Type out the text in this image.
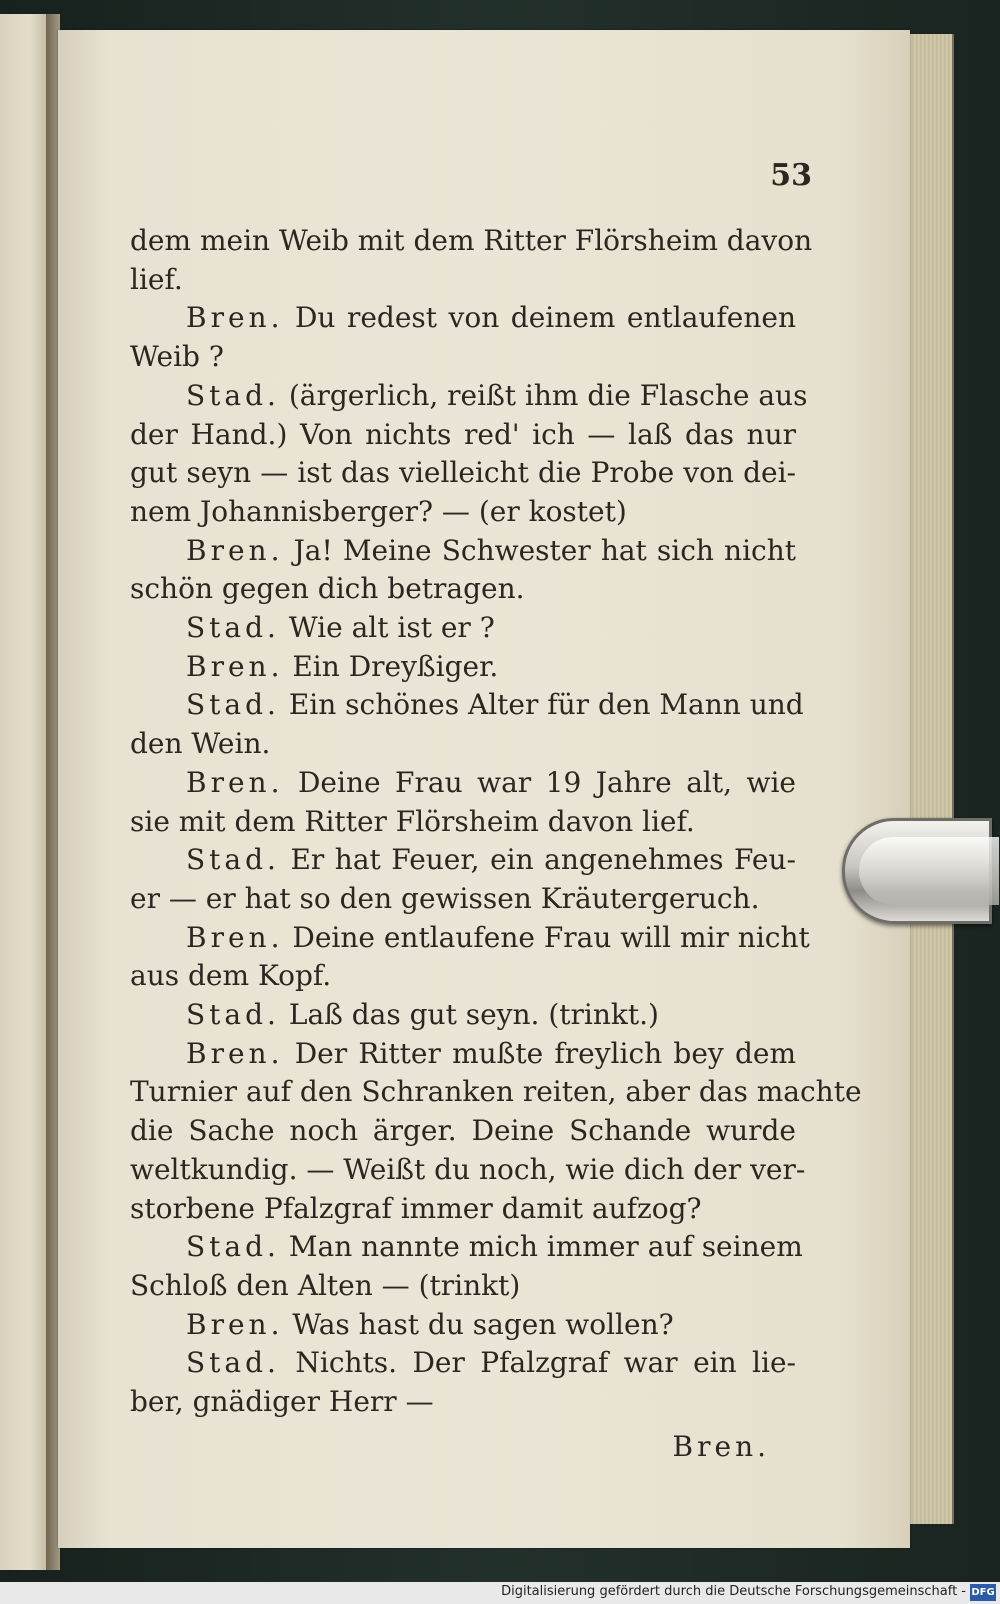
53
dem mein Weib mit dem Ritter Flörsheim davon
lief.
Bren. Du redest von deinem entlaufenen
Weib ?
Stad. (ärgerlich, reißt ihm die Flasche aus
der Hand.) Von nichts red' ich — laß das nur
gut seyn — ist das vielleicht die Probe von dei-
nem Johannisberger? — (er kostet)
Bren. Ja! Meine Schwester hat sich nicht
schön gegen dich betragen.
Stad. Wie alt ist er ?
Bren. Ein Dreyßiger.
Stad. Ein schönes Alter für den Mann und
den Wein.
Bren. Deine Frau war 19 Jahre alt, wie
sie mit dem Ritter Flörsheim davon lief.
Stad. Er hat Feuer, ein angenehmes Feu-
er — er hat so den gewissen Kräutergeruch.
Bren. Deine entlaufene Frau will mir nicht
aus dem Kopf.
Stad. Laß das gut seyn. (trinkt.)
Bren. Der Ritter mußte freylich bey dem
Turnier auf den Schranken reiten, aber das machte
die Sache noch ärger. Deine Schande wurde
weltkundig. — Weißt du noch, wie dich der ver-
storbene Pfalzgraf immer damit aufzog?
Stad. Man nannte mich immer auf seinem
Schloß den Alten — (trinkt)
Bren. Was hast du sagen wollen?
Stad. Nichts. Der Pfalzgraf war ein lie-
ber, gnädiger Herr —
Bren.
Digitalisierung gefördert durch die Deutsche Forschungsgemeinschaft - DFG
